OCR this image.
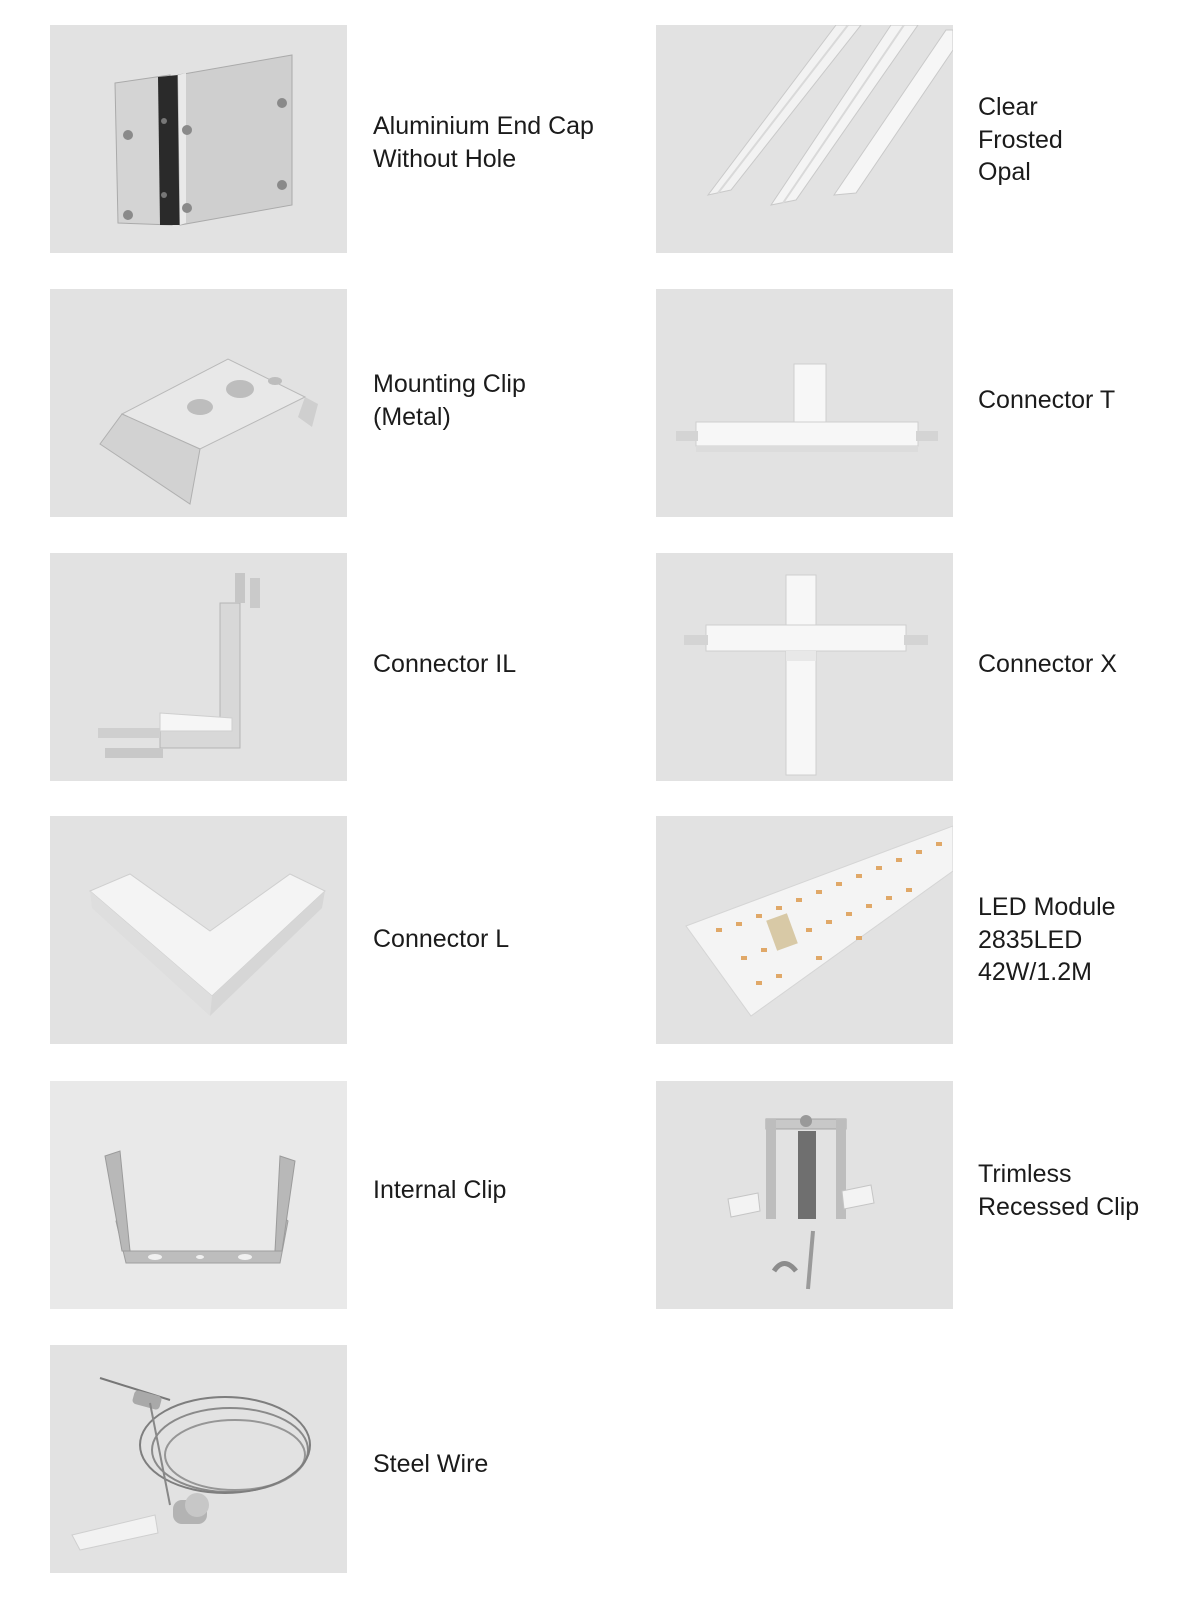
Aluminium End Cap
Without Hole
Clear
Frosted
Opal
Mounting Clip
(Metal)
Connector T
Connector IL	Connector X
Connector L
LED Module
2835LED
42W/1.2M
Internal Clip
Trimless
Recessed Clip
Steel Wire
